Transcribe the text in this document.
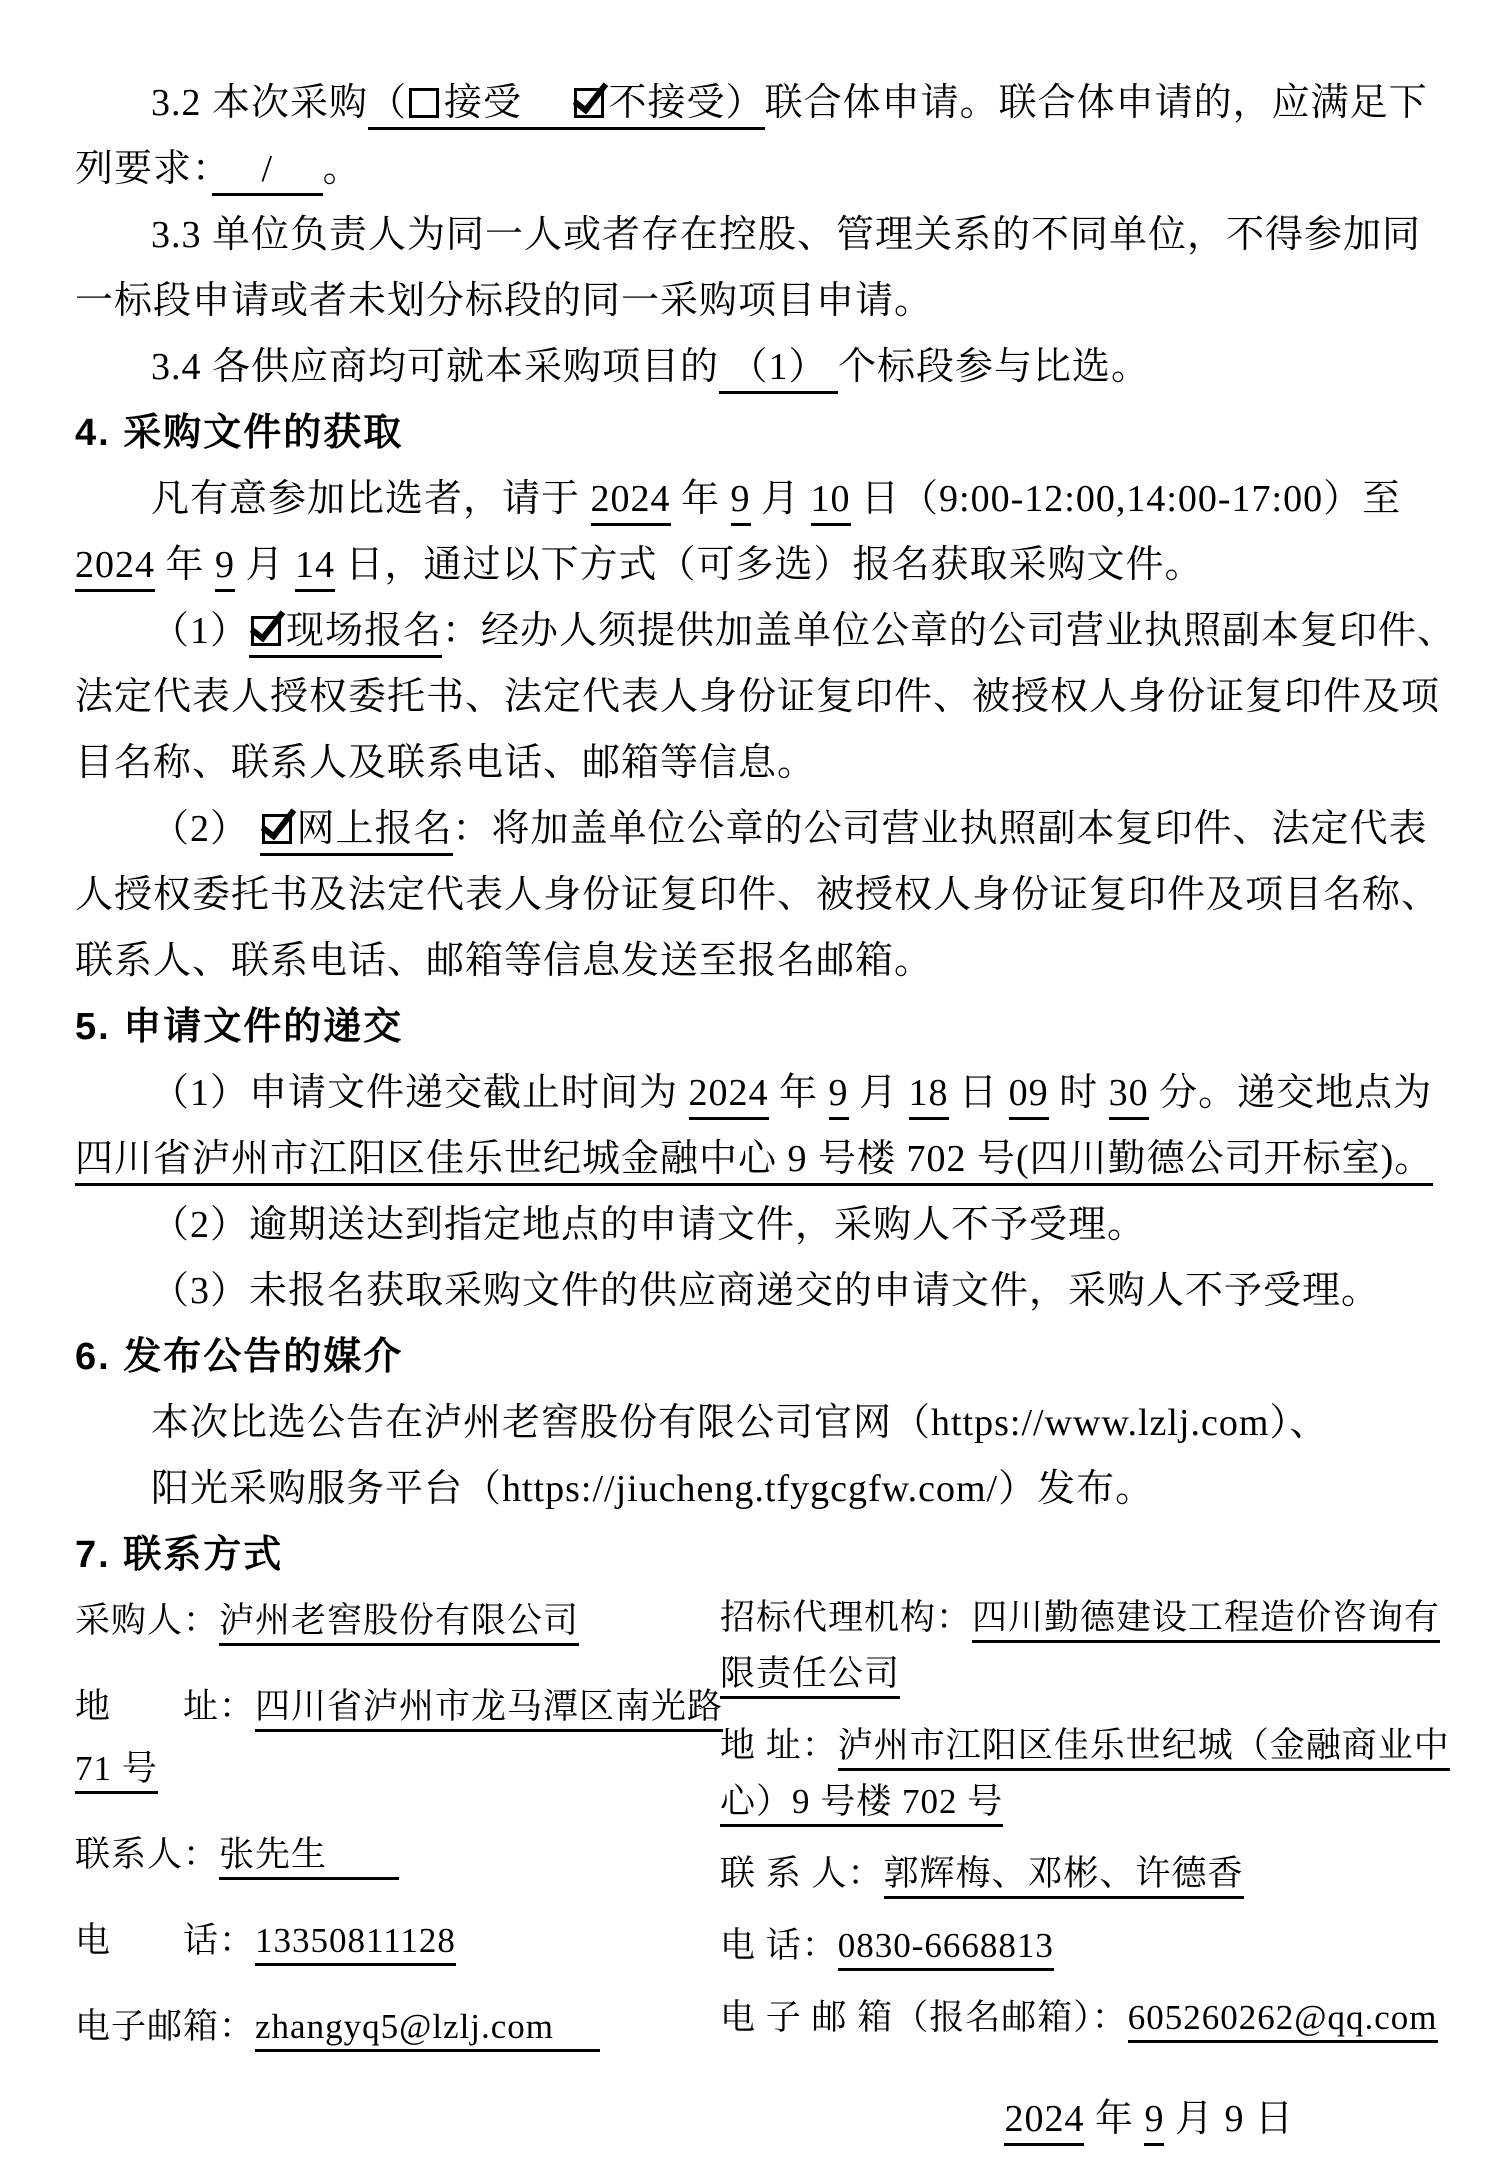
3.2 本次采购（ 接受　 不接受）联合体申请。联合体申请的，应满足下
列要求：　 / 　。
3.3 单位负责人为同一人或者存在控股、管理关系的不同单位，不得参加同
一标段申请或者未划分标段的同一采购项目申请。
3.4 各供应商均可就本采购项目的 （1） 个标段参与比选。
4. 采购文件的获取
凡有意参加比选者，请于 2024 年 9 月 10 日（9:00-12:00,14:00-17:00）至
2024 年 9 月 14 日，通过以下方式（可多选）报名获取采购文件。
（1） 现场报名：经办人须提供加盖单位公章的公司营业执照副本复印件、
法定代表人授权委托书、法定代表人身份证复印件、被授权人身份证复印件及项
目名称、联系人及联系电话、邮箱等信息。
（2） 网上报名：将加盖单位公章的公司营业执照副本复印件、法定代表
人授权委托书及法定代表人身份证复印件、被授权人身份证复印件及项目名称、
联系人、联系电话、邮箱等信息发送至报名邮箱。
5. 申请文件的递交
（1）申请文件递交截止时间为 2024 年 9 月 18 日 09 时 30 分。递交地点为
四川省泸州市江阳区佳乐世纪城金融中心 9 号楼 702 号(四川勤德公司开标室)。
（2）逾期送达到指定地点的申请文件，采购人不予受理。
（3）未报名获取采购文件的供应商递交的申请文件，采购人不予受理。
6. 发布公告的媒介
本次比选公告在泸州老窖股份有限公司官网（https://www.lzlj.com）、
阳光采购服务平台（https://jiucheng.tfygcgfw.com/）发布。
7. 联系方式
采购人：泸州老窖股份有限公司
地　　址：四川省泸州市龙马潭区南光路
71 号
联系人：张先生　　
电　　话：13350811128
电子邮箱：zhangyq5@lzlj.com　
招标代理机构：四川勤德建设工程造价咨询有
限责任公司
地 址：泸州市江阳区佳乐世纪城（金融商业中
心）9 号楼 702 号
联 系 人：郭辉梅、邓彬、许德香
电 话：0830-6668813
电 子 邮 箱（报名邮箱）：605260262@qq.com
2024 年 9 月 9 日
